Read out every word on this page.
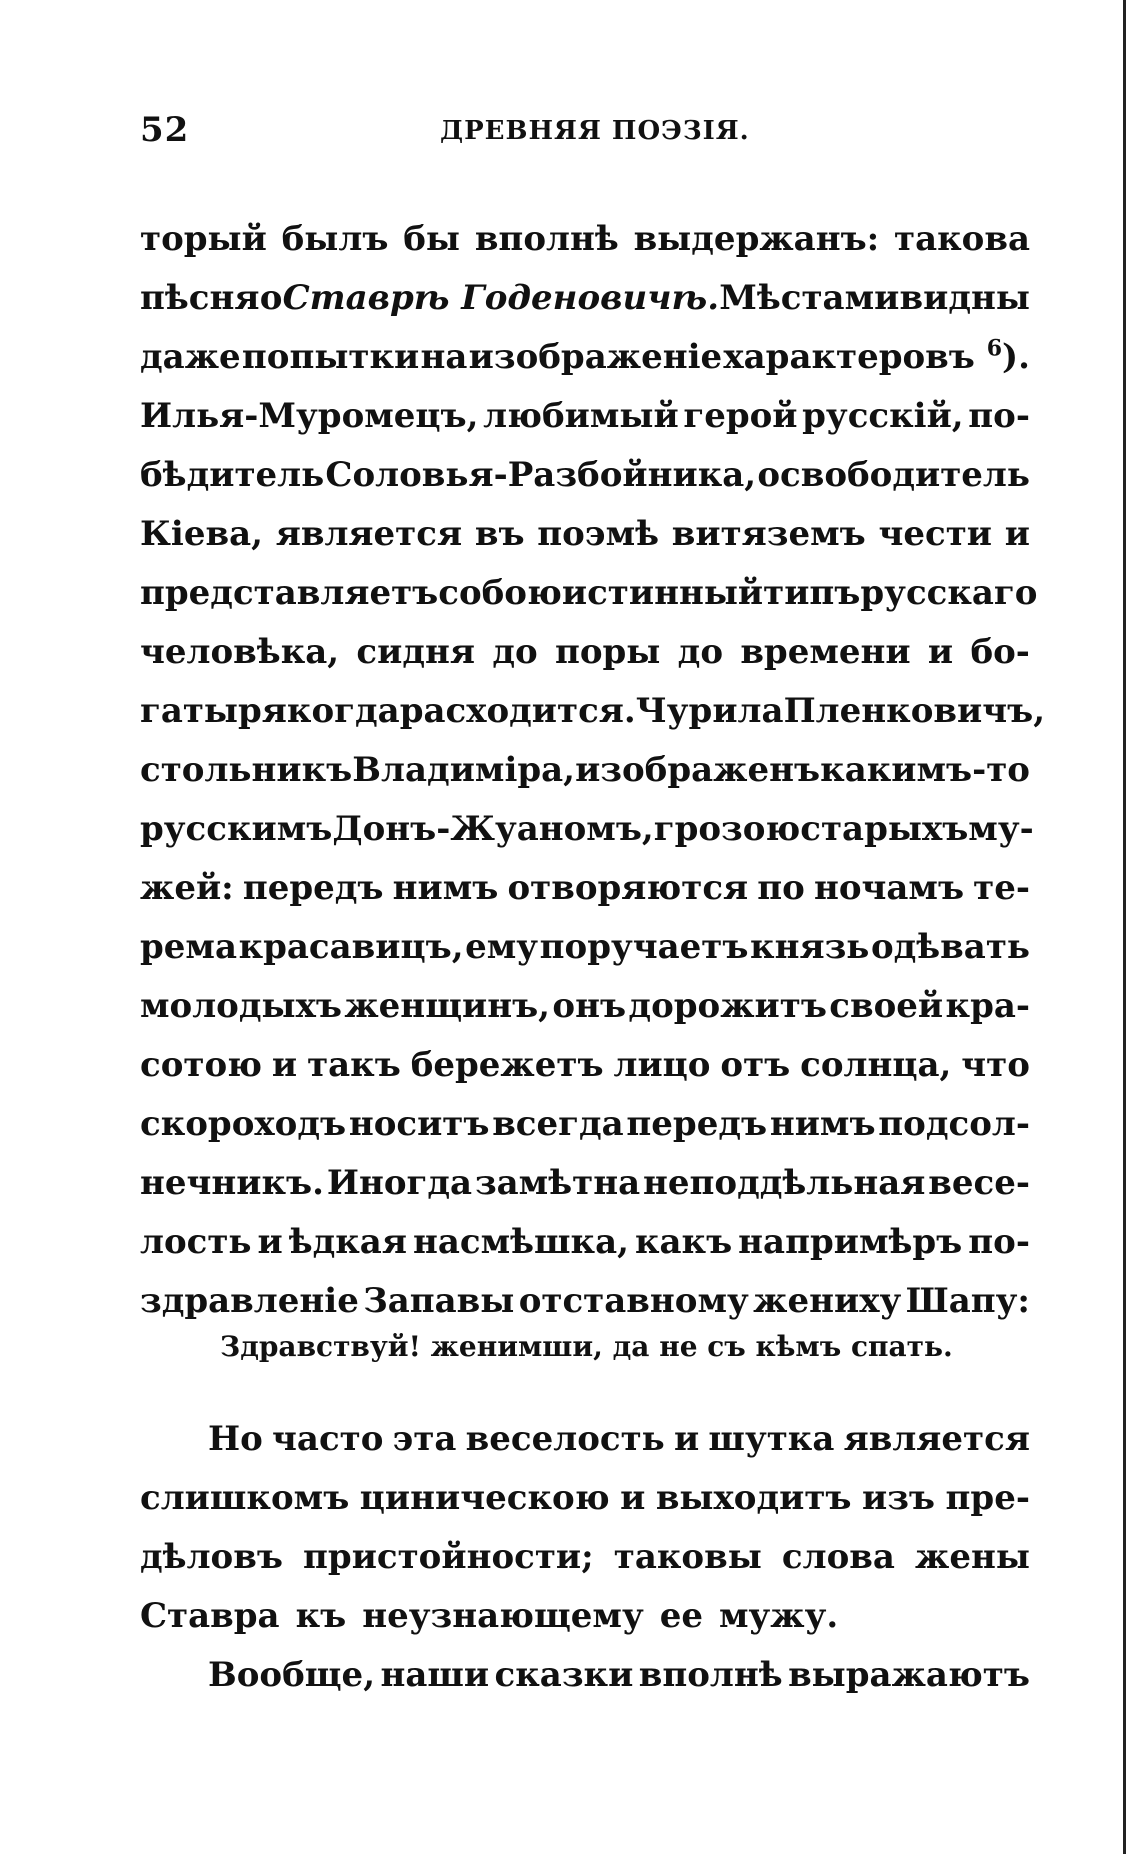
52	ДРЕВНЯЯ ПОЭЗІЯ.
торый былъ бы вполнѣ выдержанъ: такова
пѣсня о Ставрѣ Годеновичѣ. Мѣстами видны
даже попытки на изображеніе характеровъ $^6$).
Илья-Муромецъ, любимый герой русскій, по-
бѣдитель Соловья-Разбойника, освободитель
Кіева, является въ поэмѣ витяземъ чести и
представляетъ собою истинный типъ русскаго
человѣка, сидня до поры до времени и бо-
гатыря когда расходится. Чурила Пленковичъ,
стольникъ Владиміра, изображенъ какимъ-то
русскимъ Донъ-Жуаномъ, грозою старыхъ му-
жей: передъ нимъ отворяются по ночамъ те-
рема красавицъ, ему поручаетъ князь одѣвать
молодыхъ женщинъ, онъ дорожитъ своей кра-
сотою и такъ бережетъ лицо отъ солнца, что
скороходъ носитъ всегда передъ нимъ подсол-
нечникъ. Иногда замѣтна неподдѣльная весе-
лость и ѣдкая насмѣшка, какъ напримѣръ по-
здравленіе Запавы отставному жениху Шапу:
Здравствуй! женимши, да не съ кѣмъ спать.
Но часто эта веселость и шутка является
слишкомъ циническою и выходитъ изъ пре-
дѣловъ пристойности; таковы слова жены
Ставра къ неузнающему ее мужу.
Вообще, наши сказки вполнѣ выражаютъ
